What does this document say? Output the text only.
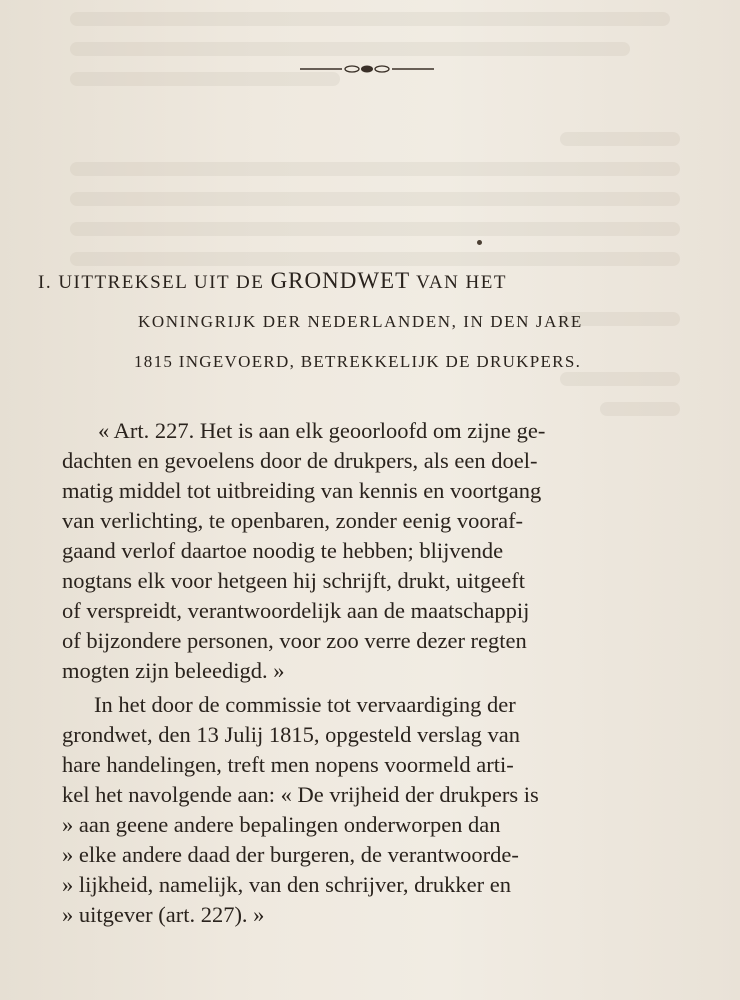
I. UITTREKSEL UIT DE GRONDWET VAN HET
KONINGRIJK DER NEDERLANDEN, IN DEN JARE
1815 INGEVOERD, BETREKKELIJK DE DRUKPERS.
« Art. 227. Het is aan elk geoorloofd om zijne ge-
dachten en gevoelens door de drukpers, als een doel-
matig middel tot uitbreiding van kennis en voortgang
van verlichting, te openbaren, zonder eenig vooraf-
gaand verlof daartoe noodig te hebben; blijvende
nogtans elk voor hetgeen hij schrijft, drukt, uitgeeft
of verspreidt, verantwoordelijk aan de maatschappij
of bijzondere personen, voor zoo verre dezer regten
mogten zijn beleedigd. »
In het door de commissie tot vervaardiging der
grondwet, den 13 Julij 1815, opgesteld verslag van
hare handelingen, treft men nopens voormeld arti-
kel het navolgende aan: « De vrijheid der drukpers is
» aan geene andere bepalingen onderworpen dan
» elke andere daad der burgeren, de verantwoorde-
» lijkheid, namelijk, van den schrijver, drukker en
» uitgever (art. 227). »
